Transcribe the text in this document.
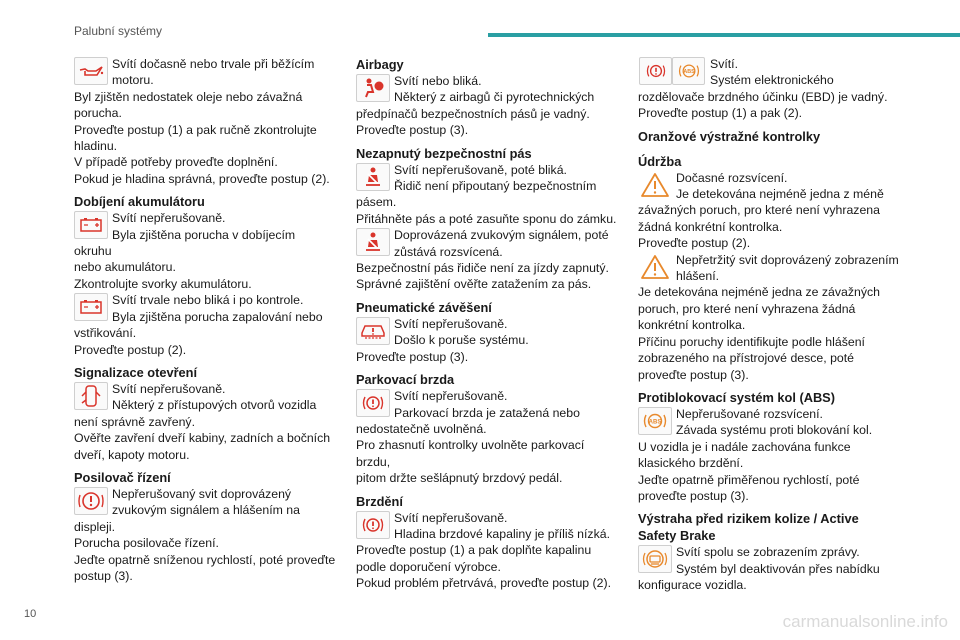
Palubní systémy

Svítí dočasně nebo trvale při běžícím

motoru.

Byl zjištěn nedostatek oleje nebo závažná

porucha.

Proveďte postup (1) a pak ručně zkontrolujte

hladinu.

V případě potřeby proveďte doplnění.

Pokud je hladina správná, proveďte postup (2).

Dobíjení akumulátoru

Svítí nepřerušovaně.

Byla zjištěna porucha v dobíjecím okruhu

nebo akumulátoru.

Zkontrolujte svorky akumulátoru.

Svítí trvale nebo bliká i po kontrole.

Byla zjištěna porucha zapalování nebo

vstřikování.

Proveďte postup (2).

Signalizace otevření

Svítí nepřerušovaně.

Některý z přístupových otvorů vozidla

není správně zavřený.

Ověřte zavření dveří kabiny, zadních a bočních

dveří, kapoty motoru.

Posilovač řízení

Nepřerušovaný svit doprovázený

zvukovým signálem a hlášením na

displeji.

Porucha posilovače řízení.

Jeďte opatrně sníženou rychlostí, poté proveďte

postup (3).

Airbagy

Svítí nebo bliká.

Některý z airbagů či pyrotechnických

předpínačů bezpečnostních pásů je vadný.

Proveďte postup (3).

Nezapnutý bezpečnostní pás

Svítí nepřerušovaně, poté bliká.

Řidič není připoutaný bezpečnostním

pásem.

Přitáhněte pás a poté zasuňte sponu do zámku.

Doprovázená zvukovým signálem, poté

zůstává rozsvícená.

Bezpečnostní pás řidiče není za jízdy zapnutý.

Správné zajištění ověřte zatažením za pás.

Pneumatické závěšení

Svítí nepřerušovaně.

Došlo k poruše systému.

Proveďte postup (3).

Parkovací brzda

Svítí nepřerušovaně.

Parkovací brzda je zatažená nebo

nedostatečně uvolněná.

Pro zhasnutí kontrolky uvolněte parkovací brzdu,

pitom držte sešlápnutý brzdový pedál.

Brzdění

Svítí nepřerušovaně.

Hladina brzdové kapaliny je příliš nízká.

Proveďte postup (1) a pak doplňte kapalinu

podle doporučení výrobce.

Pokud problém přetrvává, proveďte postup (2).

ABS

Svítí.

Systém elektronického

rozdělovače brzdného účinku (EBD) je vadný.

Proveďte postup (1) a pak (2).

Oranžové výstražné kontrolky
Údržba

Dočasné rozsvícení.

Je detekována nejméně jedna z méně

závažných poruch, pro které není vyhrazena

žádná konkrétní kontrolka.

Proveďte postup (2).

Nepřetržitý svit doprovázený zobrazením

hlášení.

Je detekována nejméně jedna ze závažných

poruch, pro které není vyhrazena žádná

konkrétní kontrolka.

Příčinu poruchy identifikujte podle hlášení

zobrazeného na přístrojové desce, poté

proveďte postup (3).

Protiblokovací systém kol (ABS)
ABS

Nepřerušované rozsvícení.

Závada systému proti blokování kol.

U vozidla je i nadále zachována funkce

klasického brzdění.

Jeďte opatrně přiměřenou rychlostí, poté

proveďte postup (3).

Výstraha před rizikem kolize / Active
Safety Brake

Svítí spolu se zobrazením zprávy.

Systém byl deaktivován přes nabídku

konfigurace vozidla.

10	carmanualsonline.info
